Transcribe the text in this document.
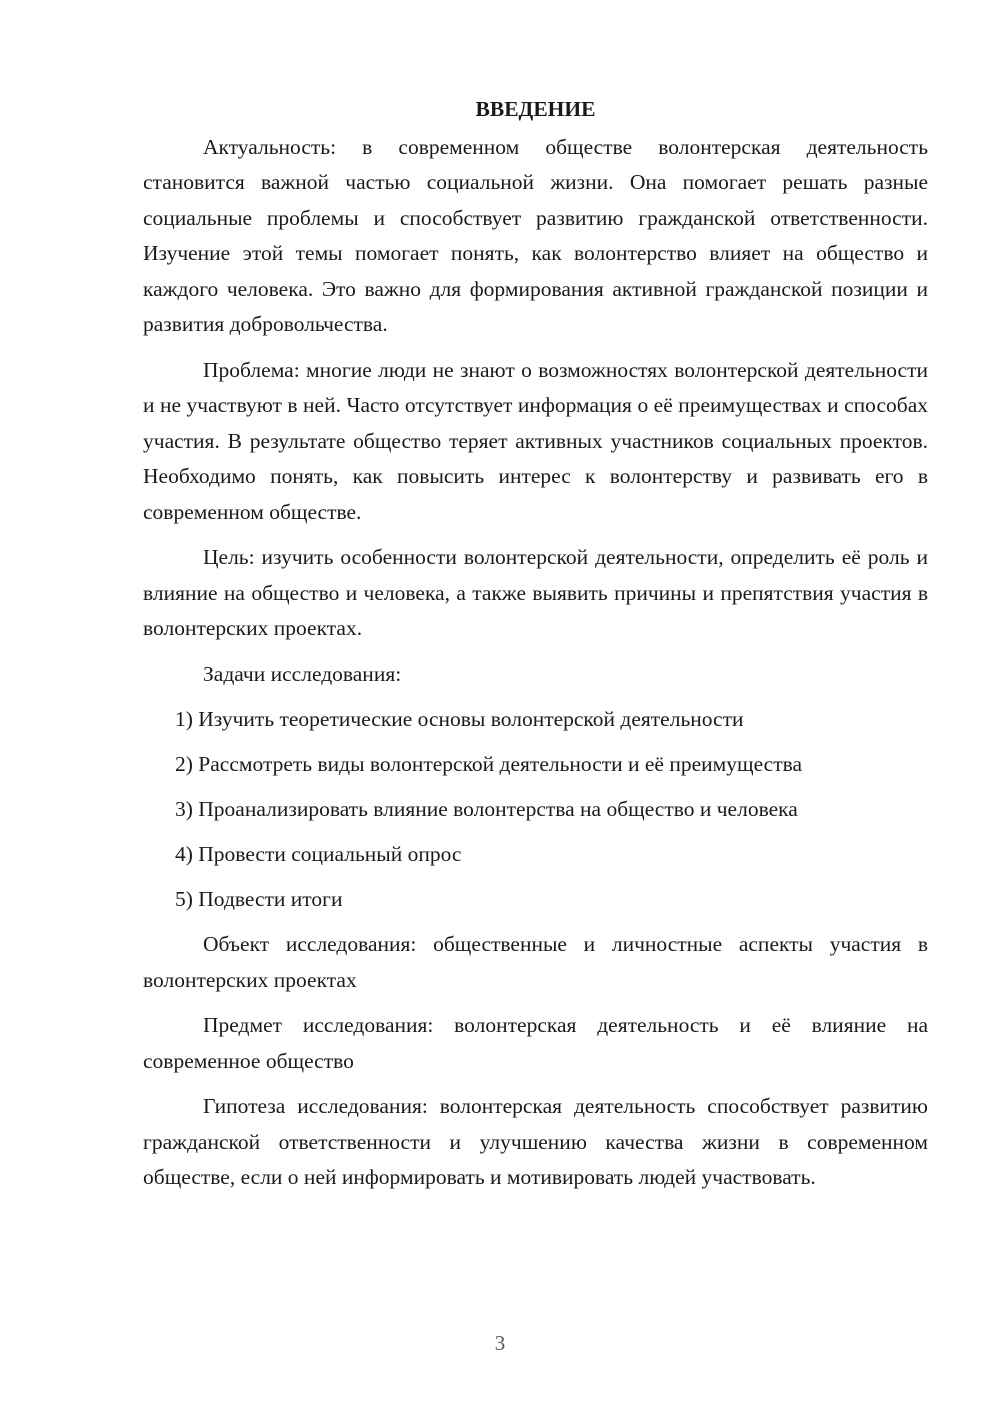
ВВЕДЕНИЕ

Актуальность: в современном обществе волонтерская деятельность становится важной частью социальной жизни. Она помогает решать разные социальные проблемы и способствует развитию гражданской ответственности. Изучение этой темы помогает понять, как волонтерство влияет на общество и каждого человека. Это важно для формирования активной гражданской позиции и развития добровольчества.

Проблема: многие люди не знают о возможностях волонтерской деятельности и не участвуют в ней. Часто отсутствует информация о её преимуществах и способах участия. В результате общество теряет активных участников социальных проектов. Необходимо понять, как повысить интерес к волонтерству и развивать его в современном обществе.

Цель: изучить особенности волонтерской деятельности, определить её роль и влияние на общество и человека, а также выявить причины и препятствия участия в волонтерских проектах.

Задачи исследования:

1) Изучить теоретические основы волонтерской деятельности
2) Рассмотреть виды волонтерской деятельности и её преимущества
3) Проанализировать влияние волонтерства на общество и человека
4) Провести социальный опрос
5) Подвести итоги

Объект исследования: общественные и личностные аспекты участия в волонтерских проектах

Предмет исследования: волонтерская деятельность и её влияние на современное общество

Гипотеза исследования: волонтерская деятельность способствует развитию гражданской ответственности и улучшению качества жизни в современном обществе, если о ней информировать и мотивировать людей участвовать.

3
